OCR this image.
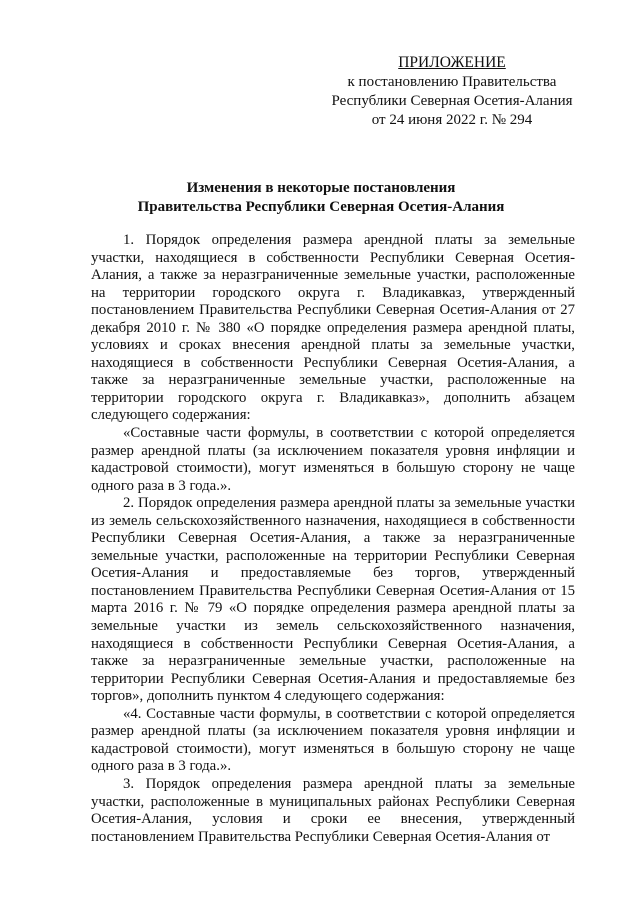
ПРИЛОЖЕНИЕ
к постановлению Правительства
Республики Северная Осетия-Алания
от 24 июня 2022 г. № 294
Изменения в некоторые постановления
Правительства Республики Северная Осетия-Алания

1. Порядок определения размера арендной платы за земельные участки, находящиеся в собственности Республики Северная Осетия-Алания, а также за неразграниченные земельные участки, расположенные на территории городского округа г. Владикавказ, утвержденный постановлением Правительства Республики Северная Осетия-Алания от 27 декабря 2010 г. № 380 «О порядке определения размера арендной платы, условиях и сроках внесения арендной платы за земельные участки, находящиеся в собственности Республики Северная Осетия-Алания, а также за неразграниченные земельные участки, расположенные на территории городского округа г. Владикавказ», дополнить абзацем следующего содержания:

«Составные части формулы, в соответствии с которой определяется размер арендной платы (за исключением показателя уровня инфляции и кадастровой стоимости), могут изменяться в большую сторону не чаще одного раза в 3 года.».

2. Порядок определения размера арендной платы за земельные участки из земель сельскохозяйственного назначения, находящиеся в собственности Республики Северная Осетия-Алания, а также за неразграниченные земельные участки, расположенные на территории Республики Северная Осетия-Алания и предоставляемые без торгов, утвержденный постановлением Правительства Республики Северная Осетия-Алания от 15 марта 2016 г. № 79 «О порядке определения размера арендной платы за земельные участки из земель сельскохозяйственного назначения, находящиеся в собственности Республики Северная Осетия-Алания, а также за неразграниченные земельные участки, расположенные на территории Республики Северная Осетия-Алания и предоставляемые без торгов», дополнить пунктом 4 следующего содержания:

«4. Составные части формулы, в соответствии с которой определяется размер арендной платы (за исключением показателя уровня инфляции и кадастровой стоимости), могут изменяться в большую сторону не чаще одного раза в 3 года.».

3. Порядок определения размера арендной платы за земельные участки, расположенные в муниципальных районах Республики Северная Осетия-Алания, условия и сроки ее внесения, утвержденный постановлением Правительства Республики Северная Осетия-Алания от
